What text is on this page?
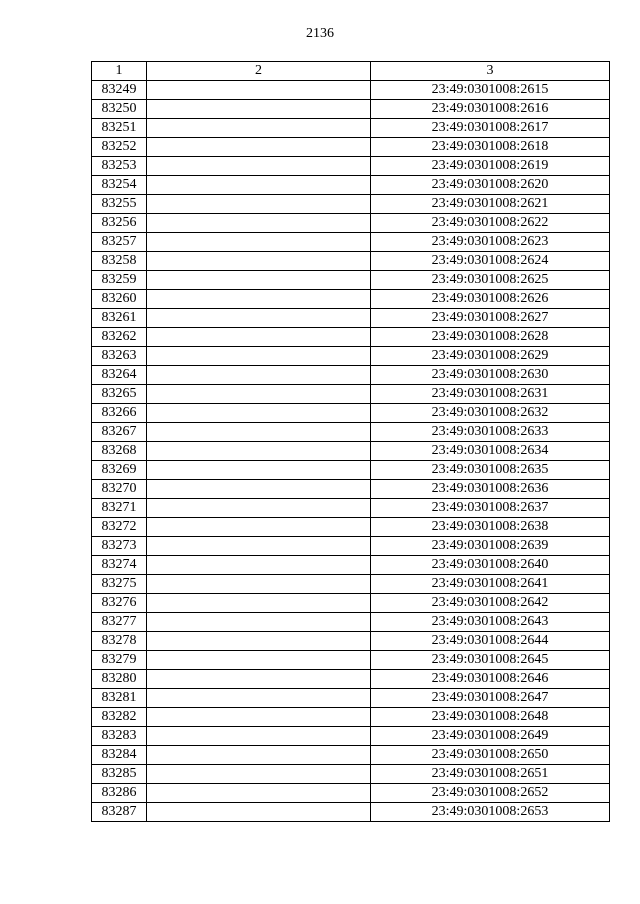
2136
1	2	3
83249		23:49:0301008:2615
83250		23:49:0301008:2616
83251		23:49:0301008:2617
83252		23:49:0301008:2618
83253		23:49:0301008:2619
83254		23:49:0301008:2620
83255		23:49:0301008:2621
83256		23:49:0301008:2622
83257		23:49:0301008:2623
83258		23:49:0301008:2624
83259		23:49:0301008:2625
83260		23:49:0301008:2626
83261		23:49:0301008:2627
83262		23:49:0301008:2628
83263		23:49:0301008:2629
83264		23:49:0301008:2630
83265		23:49:0301008:2631
83266		23:49:0301008:2632
83267		23:49:0301008:2633
83268		23:49:0301008:2634
83269		23:49:0301008:2635
83270		23:49:0301008:2636
83271		23:49:0301008:2637
83272		23:49:0301008:2638
83273		23:49:0301008:2639
83274		23:49:0301008:2640
83275		23:49:0301008:2641
83276		23:49:0301008:2642
83277		23:49:0301008:2643
83278		23:49:0301008:2644
83279		23:49:0301008:2645
83280		23:49:0301008:2646
83281		23:49:0301008:2647
83282		23:49:0301008:2648
83283		23:49:0301008:2649
83284		23:49:0301008:2650
83285		23:49:0301008:2651
83286		23:49:0301008:2652
83287		23:49:0301008:2653
